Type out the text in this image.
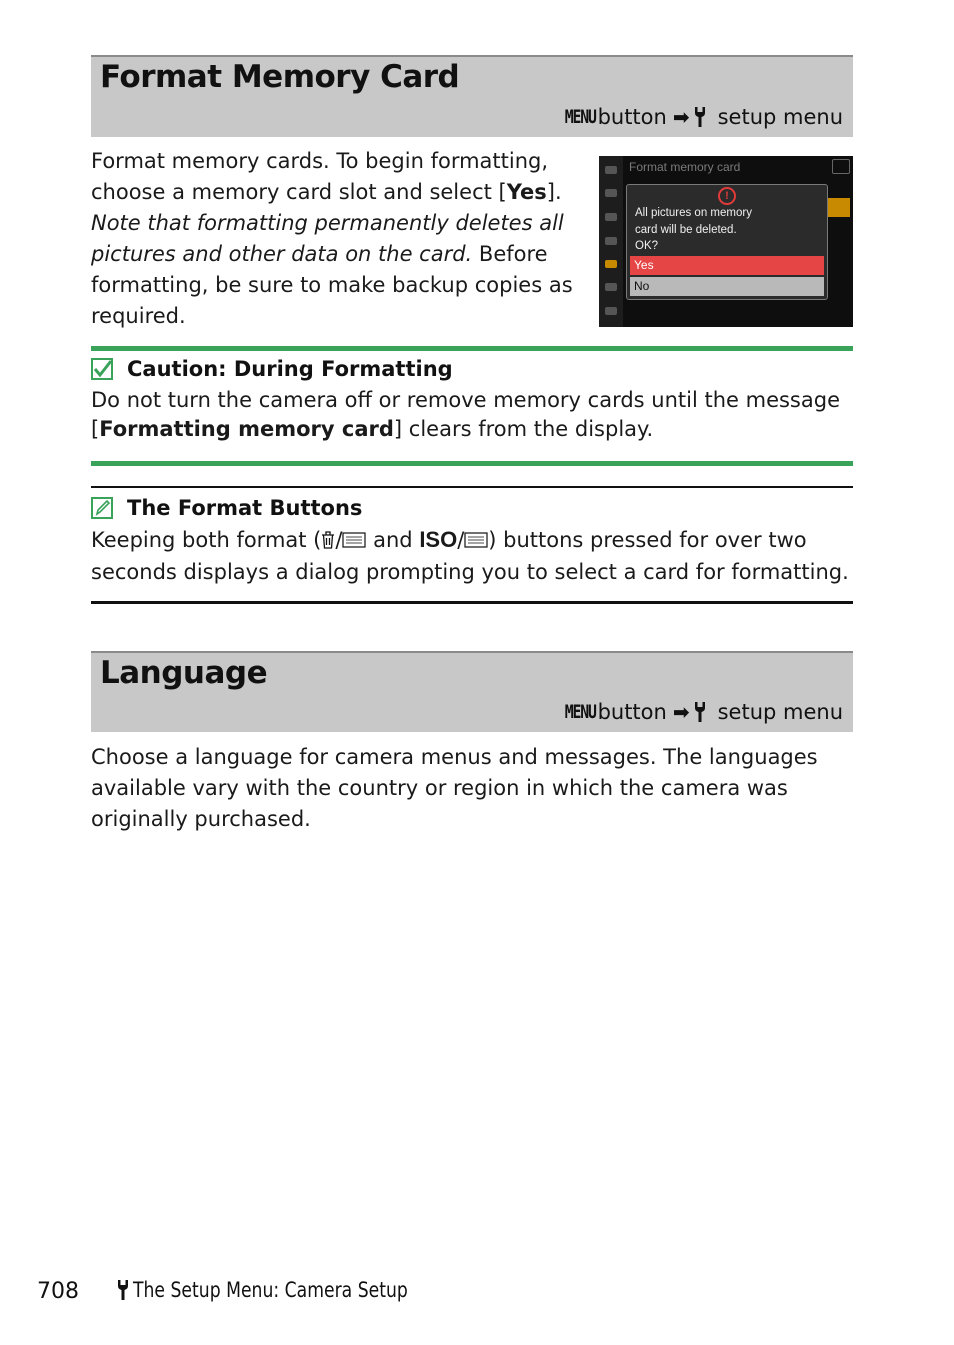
Format Memory Card
MENU button ➡ setup menu
Format memory cards. To begin formatting,
choose a memory card slot and select [Yes].
Note that formatting permanently deletes all
pictures and other data on the card. Before
formatting, be sure to make backup copies as
required.
Format memory card
!
All pictures on memory
card will be deleted.
OK?
Yes
No
Caution: During Formatting
Do not turn the camera off or remove memory cards until the message
[Formatting memory card] clears from the display.
The Format Buttons
Keeping both format ( / and ISO/ ) buttons pressed for over two
seconds displays a dialog prompting you to select a card for formatting.
Language
MENU button ➡ setup menu
Choose a language for camera menus and messages. The languages
available vary with the country or region in which the camera was
originally purchased.
708	The Setup Menu: Camera Setup
